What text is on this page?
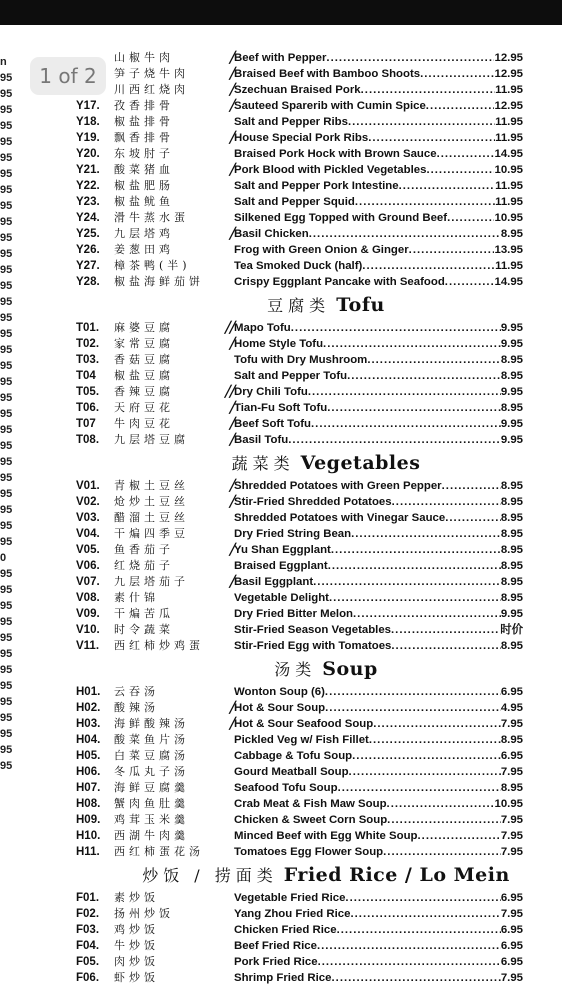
n
95
95
95
95
95
95
95
95
95
95
95
95
95
95
95
95
95
95
95
95
95
95
95
95
95
95
95
95
95
95
0
95
95
95
95
95
95
95
95
95
95
95
95
95
山椒牛肉	╱ Beef with Pepper .....	12.95
笋子烧牛肉	╱ Braised Beef with Bamboo Shoots .....	12.95
川西红烧肉	╱ Szechuan Braised Pork .....	11.95
Y17.	孜香排骨	╱ Sauteed Sparerib with Cumin Spice .....	12.95
Y18.	椒盐排骨	Salt and Pepper Ribs .....	11.95
Y19.	飘香排骨	╱ House Special Pork Ribs .....	11.95
Y20.	东坡肘子	Braised Pork Hock with Brown Sauce .....	14.95
Y21.	酸菜猪血	╱ Pork Blood with Pickled Vegetables .....	10.95
Y22.	椒盐肥肠	Salt and Pepper Pork Intestine .....	11.95
Y23.	椒盐鱿鱼	Salt and Pepper Squid .....	11.95
Y24.	滑牛蒸水蛋	Silkened Egg Topped with Ground Beef .....	10.95
Y25.	九层塔鸡	╱ Basil Chicken .....	8.95
Y26.	姜葱田鸡	Frog with Green Onion & Ginger .....	13.95
Y27.	樟茶鸭(半)	Tea Smoked Duck (half) .....	11.95
Y28.	椒盐海鲜茄饼	Crispy Eggplant Pancake with Seafood .....	14.95
豆腐类 Tofu
T01.	麻婆豆腐	╱╱ Mapo Tofu .....	9.95
T02.	家常豆腐	╱ Home Style Tofu .....	9.95
T03.	香菇豆腐	Tofu with Dry Mushroom .....	8.95
T04	椒盐豆腐	Salt and Pepper Tofu .....	8.95
T05.	香辣豆腐	╱╱ Dry Chili Tofu .....	9.95
T06.	天府豆花	╱ Tian-Fu Soft Tofu .....	8.95
T07	牛肉豆花	╱ Beef Soft Tofu .....	9.95
T08.	九层塔豆腐	╱ Basil Tofu .....	9.95
蔬菜类 Vegetables
V01.	青椒土豆丝	╱ Shredded Potatoes with Green Pepper .....	8.95
V02.	炝炒土豆丝	╱ Stir-Fried Shredded Potatoes .....	8.95
V03.	醋溜土豆丝	Shredded Potatoes with Vinegar Sauce .....	8.95
V04.	干煸四季豆	Dry Fried String Bean .....	8.95
V05.	鱼香茄子	╱ Yu Shan Eggplant .....	8.95
V06.	红烧茄子	Braised Eggplant .....	8.95
V07.	九层塔茄子	╱ Basil Eggplant .....	8.95
V08.	素什锦	Vegetable Delight .....	8.95
V09.	干煸苦瓜	Dry Fried Bitter Melon .....	9.95
V10.	时令蔬菜	Stir-Fried Season Vegetables .....	时价
V11.	西红柿炒鸡蛋	Stir-Fried Egg with Tomatoes .....	8.95
汤类 Soup
H01.	云吞汤	Wonton Soup (6) .....	6.95
H02.	酸辣汤	╱ Hot & Sour Soup .....	4.95
H03.	海鲜酸辣汤	╱ Hot & Sour Seafood Soup .....	7.95
H04.	酸菜鱼片汤	Pickled Veg w/ Fish Fillet .....	8.95
H05.	白菜豆腐汤	Cabbage & Tofu Soup .....	6.95
H06.	冬瓜丸子汤	Gourd Meatball Soup .....	7.95
H07.	海鲜豆腐羹	Seafood Tofu Soup .....	8.95
H08.	蟹肉鱼肚羹	Crab Meat & Fish Maw Soup .....	10.95
H09.	鸡茸玉米羹	Chicken & Sweet Corn Soup .....	7.95
H10.	西湖牛肉羹	Minced Beef with Egg White Soup .....	7.95
H11.	西红柿蛋花汤	Tomatoes Egg Flower Soup .....	7.95
炒饭 / 捞面类 Fried Rice / Lo Mein
F01.	素炒饭	Vegetable Fried Rice .....	6.95
F02.	扬州炒饭	Yang Zhou Fried Rice .....	7.95
F03.	鸡炒饭	Chicken Fried Rice .....	6.95
F04.	牛炒饭	Beef Fried Rice .....	6.95
F05.	肉炒饭	Pork Fried Rice .....	6.95
F06.	虾炒饭	Shrimp Fried Rice .....	7.95
1 of 2
